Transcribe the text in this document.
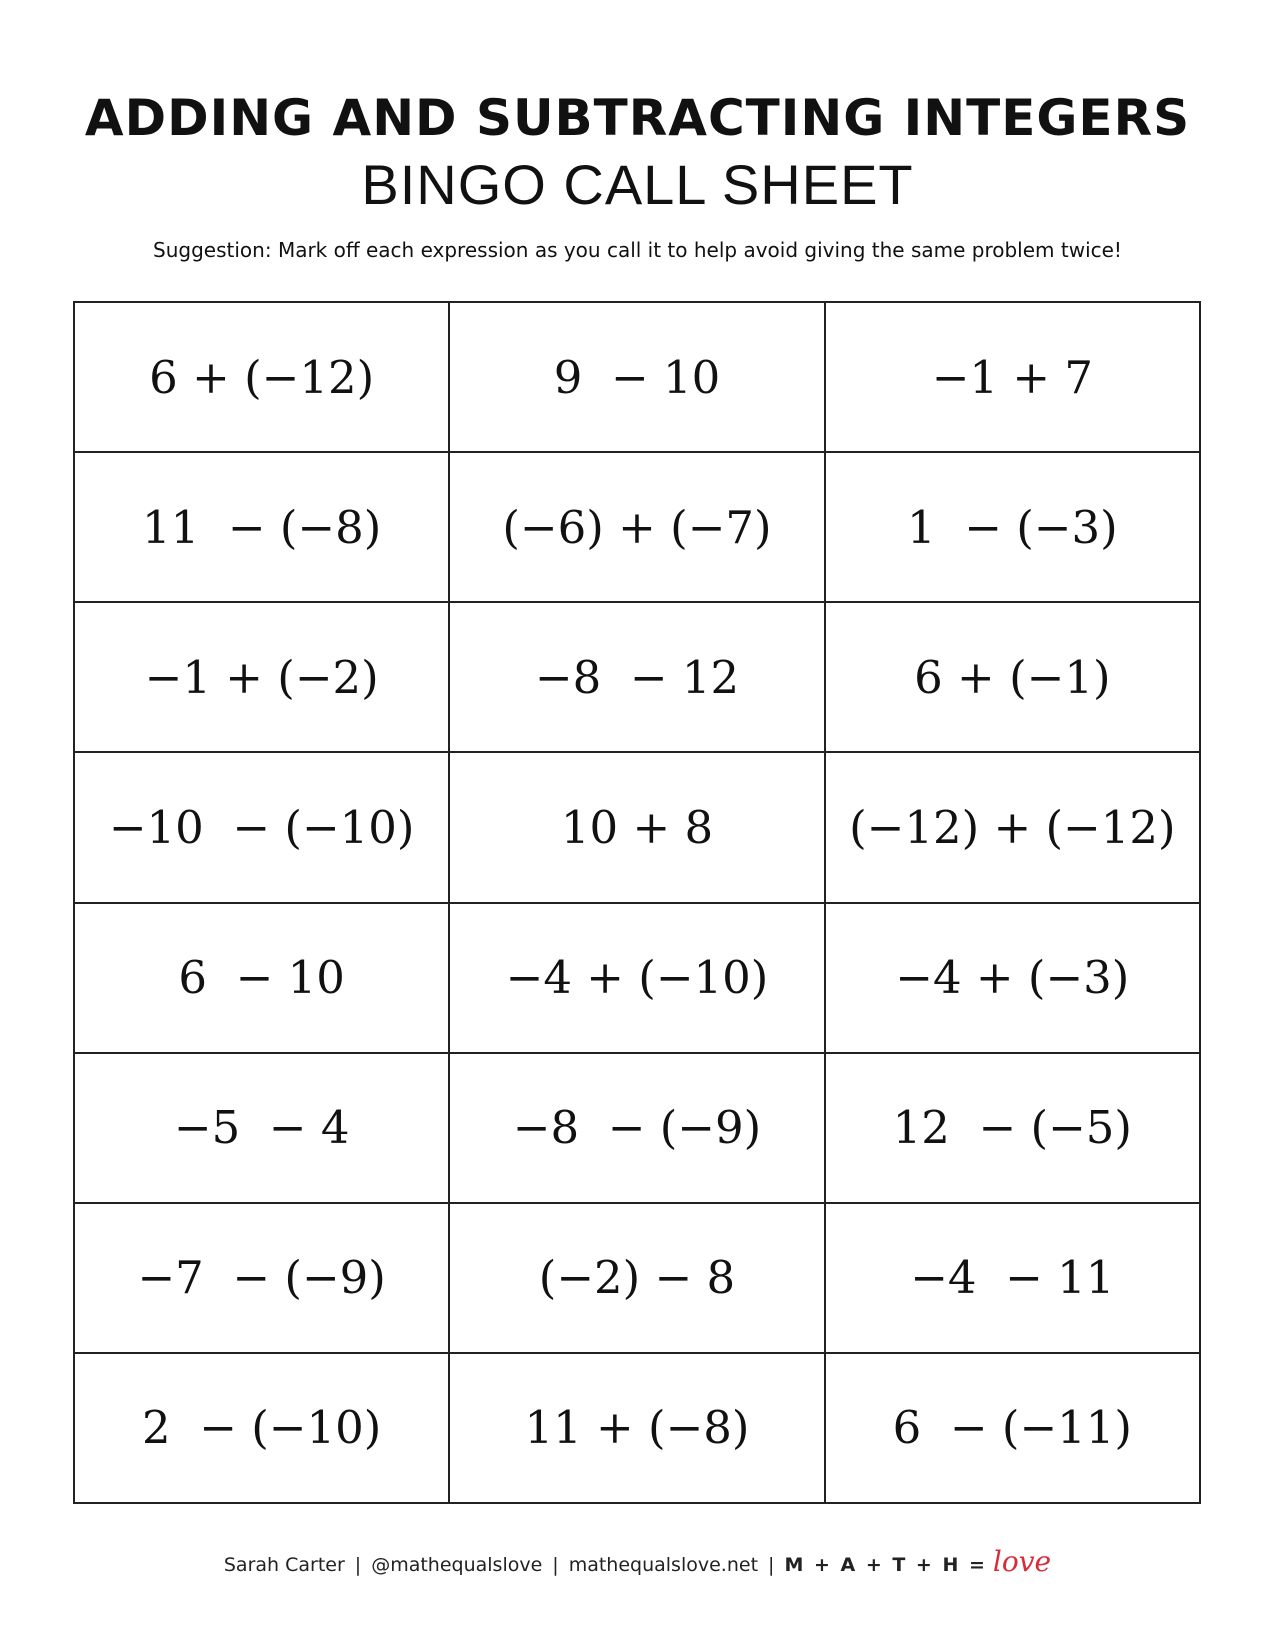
ADDING AND SUBTRACTING INTEGERS
BINGO CALL SHEET
Suggestion: Mark off each expression as you call it to help avoid giving the same problem twice!
6 + (−12)	9  − 10	−1 + 7
11  − (−8)	(−6) + (−7)	1  − (−3)
−1 + (−2)	−8  − 12	6 + (−1)
−10  − (−10)	10 + 8	(−12) + (−12)
6  − 10	−4 + (−10)	−4 + (−3)
−5  − 4	−8  − (−9)	12  − (−5)
−7  − (−9)	(−2) − 8	−4  − 11
2  − (−10)	11 + (−8)	6  − (−11)
Sarah Carter | @mathequalslove | mathequalslove.net | M + A + T + H = love
